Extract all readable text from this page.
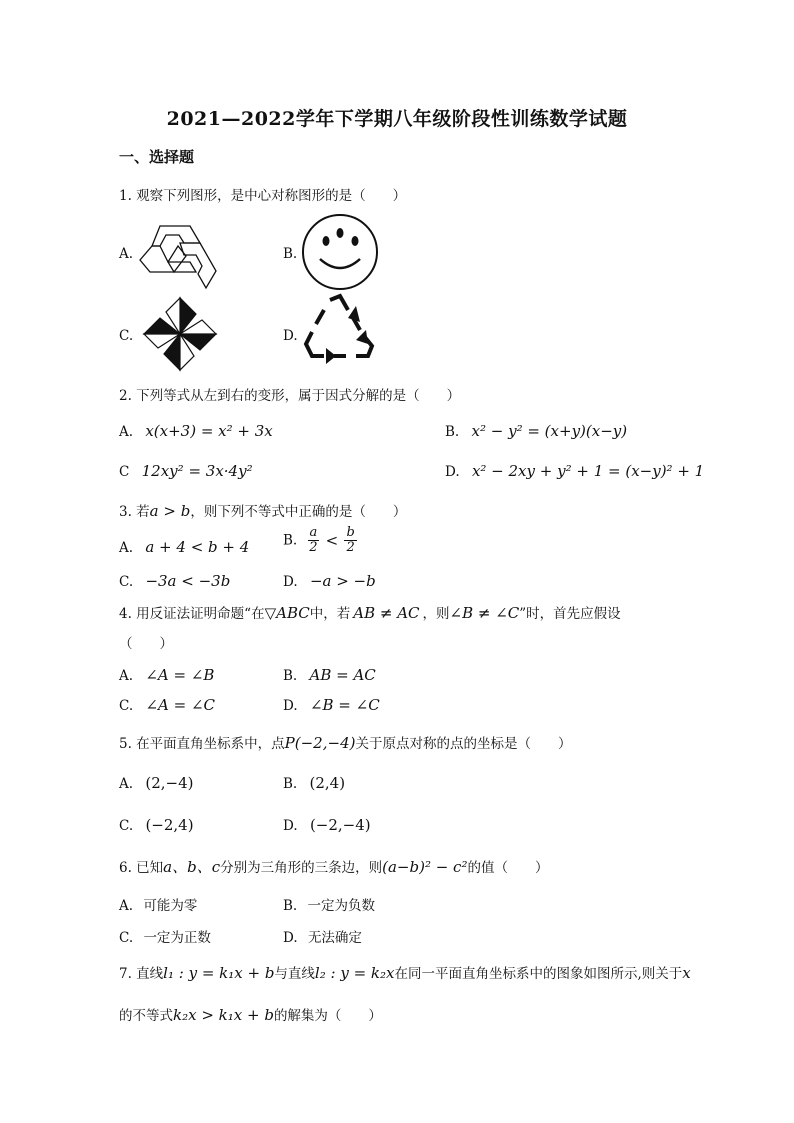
2021—2022学年下学期八年级阶段性训练数学试题
一、选择题
1. 观察下列图形，是中心对称图形的是（　　）
A.	B.
C.	D.
2. 下列等式从左到右的变形，属于因式分解的是（　　）
A. x(x+3) = x² + 3x	B. x² − y² = (x+y)(x−y)
C 12xy² = 3x·4y²	D. x² − 2xy + y² + 1 = (x−y)² + 1
3. 若a > b，则下列不等式中正确的是（　　）
A. a + 4 < b + 4 B. $\frac{a}{2} < \frac{b}{2}$
C. −3a < −3b	D. −a > −b
4. 用反证法证明命题“在▽ABC中，若 AB ≠ AC ，则∠B ≠ ∠C”时，首先应假设
（　　）
A. ∠A = ∠B	B. AB = AC
C. ∠A = ∠C	D. ∠B = ∠C
5. 在平面直角坐标系中，点P(−2,−4)关于原点对称的点的坐标是（　　）
A. (2,−4)	B. (2,4)
C. (−2,4)	D. (−2,−4)
6. 已知a、b、c分别为三角形的三条边，则(a−b)² − c²的值（　　）
A. 可能为零	B. 一定为负数
C. 一定为正数	D. 无法确定
7. 直线l₁ : y = k₁x + b与直线l₂ : y = k₂x在同一平面直角坐标系中的图象如图所示,则关于x
的不等式k₂x > k₁x + b的解集为（　　）
